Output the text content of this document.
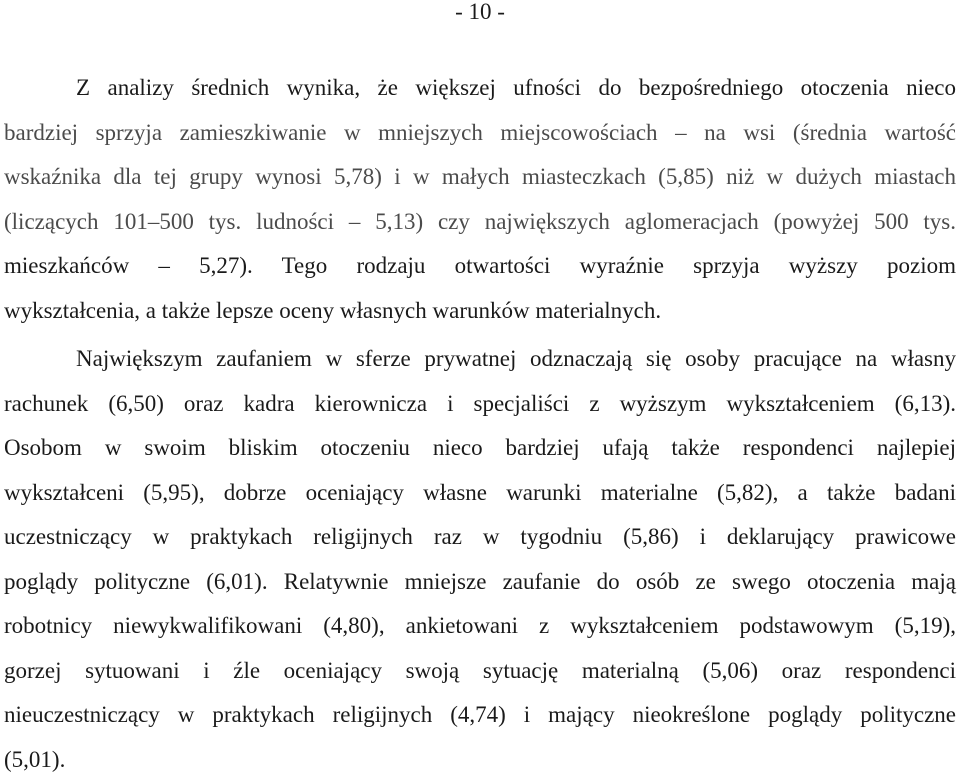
- 10 -
Z analizy średnich wynika, że większej ufności do bezpośredniego otoczenia nieco
bardziej sprzyja zamieszkiwanie w mniejszych miejscowościach – na wsi (średnia wartość
wskaźnika dla tej grupy wynosi 5,78) i w małych miasteczkach (5,85) niż w dużych miastach
(liczących 101–500 tys. ludności – 5,13) czy największych aglomeracjach (powyżej 500 tys.
mieszkańców – 5,27). Tego rodzaju otwartości wyraźnie sprzyja wyższy poziom
wykształcenia, a także lepsze oceny własnych warunków materialnych.
Największym zaufaniem w sferze prywatnej odznaczają się osoby pracujące na własny
rachunek (6,50) oraz kadra kierownicza i specjaliści z wyższym wykształceniem (6,13).
Osobom w swoim bliskim otoczeniu nieco bardziej ufają także respondenci najlepiej
wykształceni (5,95), dobrze oceniający własne warunki materialne (5,82), a także badani
uczestniczący w praktykach religijnych raz w tygodniu (5,86) i deklarujący prawicowe
poglądy polityczne (6,01). Relatywnie mniejsze zaufanie do osób ze swego otoczenia mają
robotnicy niewykwalifikowani (4,80), ankietowani z wykształceniem podstawowym (5,19),
gorzej sytuowani i źle oceniający swoją sytuację materialną (5,06) oraz respondenci
nieuczestniczący w praktykach religijnych (4,74) i mający nieokreślone poglądy polityczne
(5,01).
